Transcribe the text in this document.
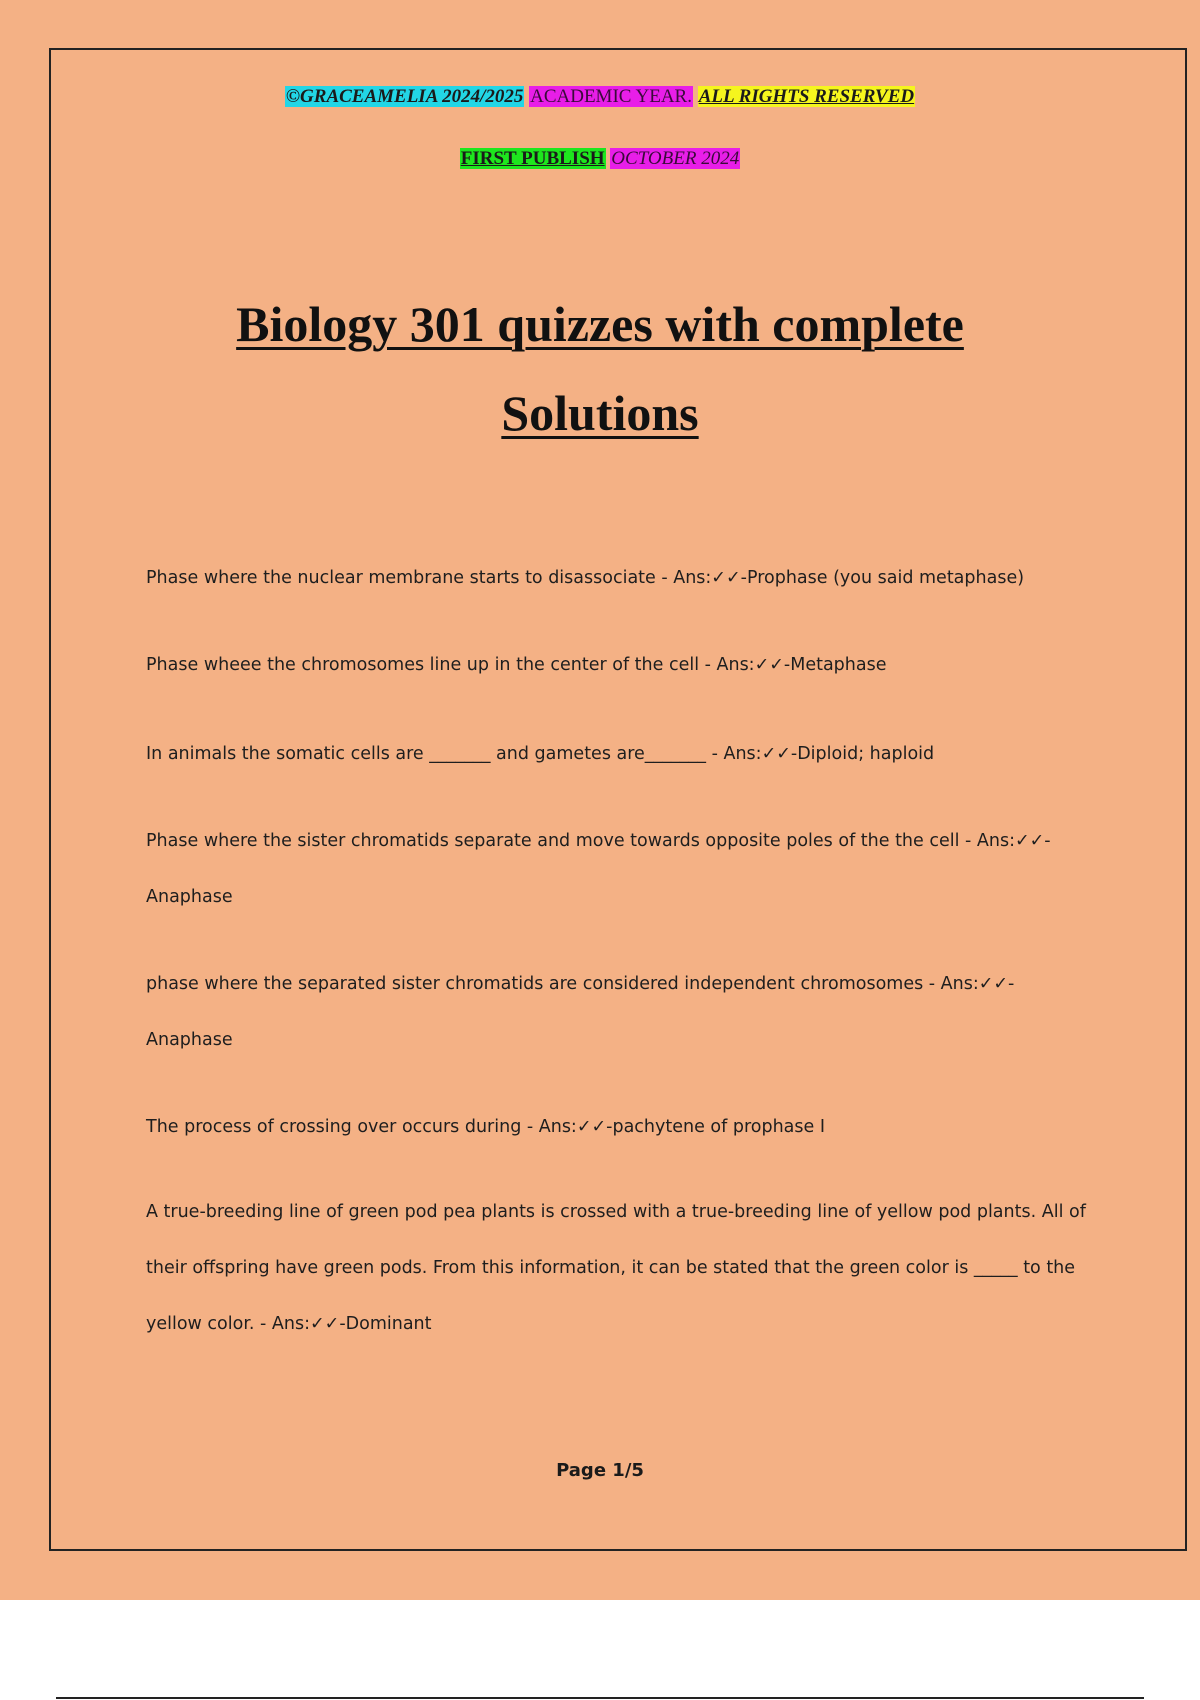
©GRACEAMELIA 2024/2025 ACADEMIC YEAR. ALL RIGHTS RESERVED
FIRST PUBLISH OCTOBER 2024
Biology 301 quizzes with complete
Solutions

Phase where the nuclear membrane starts to disassociate - Ans:✓✓-Prophase (you said metaphase)

Phase wheee the chromosomes line up in the center of the cell - Ans:✓✓-Metaphase

In animals the somatic cells are _______ and gametes are_______ - Ans:✓✓-Diploid; haploid

Phase where the sister chromatids separate and move towards opposite poles of the the cell - Ans:✓✓- Anaphase

phase where the separated sister chromatids are considered independent chromosomes - Ans:✓✓- Anaphase

The process of crossing over occurs during - Ans:✓✓-pachytene of prophase I

A true-breeding line of green pod pea plants is crossed with a true-breeding line of yellow pod plants. All of their offspring have green pods. From this information, it can be stated that the green color is _____ to the yellow color. - Ans:✓✓-Dominant

Page 1/5
